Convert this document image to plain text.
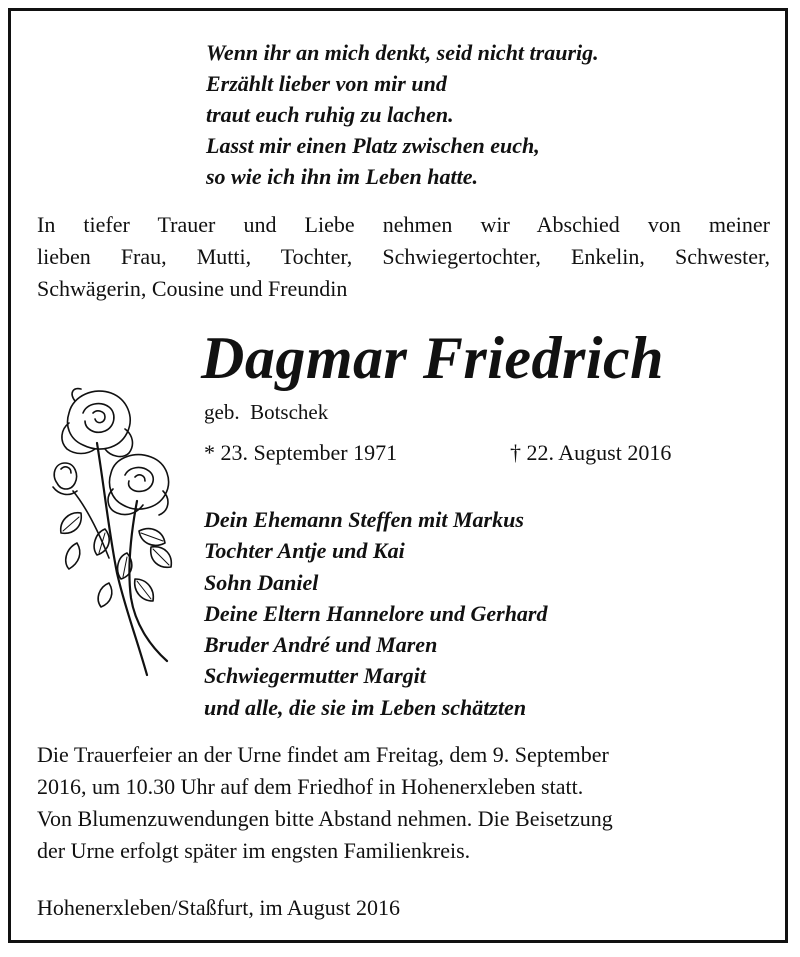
Wenn ihr an mich denkt, seid nicht traurig.
Erzählt lieber von mir und
traut euch ruhig zu lachen.
Lasst mir einen Platz zwischen euch,
so wie ich ihn im Leben hatte.
In tiefer Trauer und Liebe nehmen wir Abschied von meiner
lieben Frau, Mutti, Tochter, Schwiegertochter, Enkelin, Schwester,
Schwägerin, Cousine und Freundin
Dagmar Friedrich
geb.  Botschek
* 23. September 1971	† 22. August 2016
Dein Ehemann Steffen mit Markus
Tochter Antje und Kai
Sohn Daniel
Deine Eltern Hannelore und Gerhard
Bruder André und Maren
Schwiegermutter Margit
und alle, die sie im Leben schätzten
Die Trauerfeier an der Urne findet am Freitag, dem 9. September
2016, um 10.30 Uhr auf dem Friedhof in Hohenerxleben statt.
Von Blumenzuwendungen bitte Abstand nehmen. Die Beisetzung
der Urne erfolgt später im engsten Familienkreis.
Hohenerxleben/Staßfurt, im August 2016
